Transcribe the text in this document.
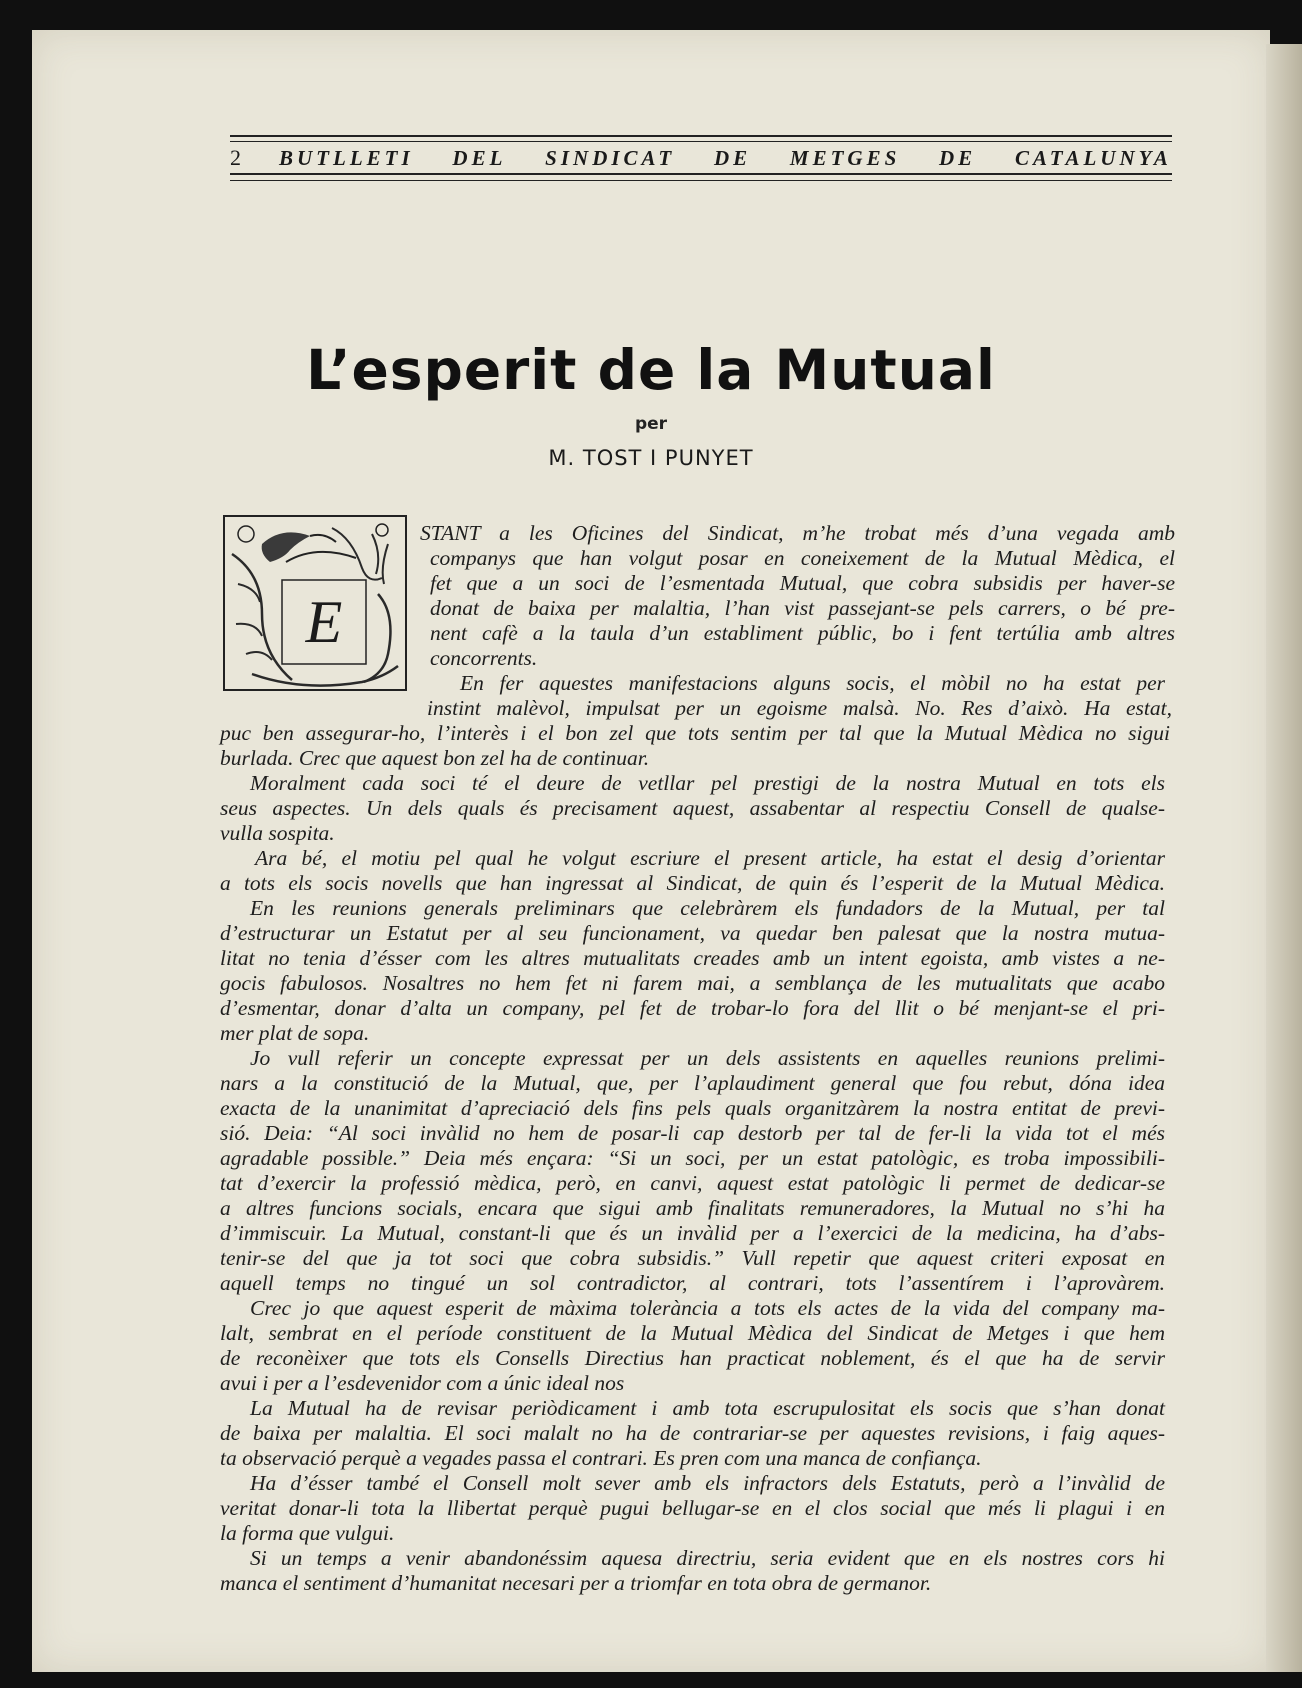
2 BUTLLETI DEL SINDICAT DE METGES DE CATALUNYA
L’esperit de la Mutual
per
M. TOST I PUNYET
E
STANT a les Oficines del Sindicat, m’he trobat més d’una vegada amb
companys que han volgut posar en coneixement de la Mutual Mèdica, el
fet que a un soci de l’esmentada Mutual, que cobra subsidis per haver-se
donat de baixa per malaltia, l’han vist passejant-se pels carrers, o bé pre-
nent cafè a la taula d’un establiment públic, bo i fent tertúlia amb altres
concorrents.
En fer aquestes manifestacions alguns socis, el mòbil no ha estat per
instint malèvol, impulsat per un egoisme malsà. No. Res d’això. Ha estat,
puc ben assegurar-ho, l’interès i el bon zel que tots sentim per tal que la Mutual Mèdica no sigui
burlada. Crec que aquest bon zel ha de continuar.
Moralment cada soci té el deure de vetllar pel prestigi de la nostra Mutual en tots els
seus aspectes. Un dels quals és precisament aquest, assabentar al respectiu Consell de qualse-
vulla sospita.
Ara bé, el motiu pel qual he volgut escriure el present article, ha estat el desig d’orientar
a tots els socis novells que han ingressat al Sindicat, de quin és l’esperit de la Mutual Mèdica.
En les reunions generals preliminars que celebràrem els fundadors de la Mutual, per tal
d’estructurar un Estatut per al seu funcionament, va quedar ben palesat que la nostra mutua-
litat no tenia d’ésser com les altres mutualitats creades amb un intent egoista, amb vistes a ne-
gocis fabulosos. Nosaltres no hem fet ni farem mai, a semblança de les mutualitats que acabo
d’esmentar, donar d’alta un company, pel fet de trobar-lo fora del llit o bé menjant-se el pri-
mer plat de sopa.
Jo vull referir un concepte expressat per un dels assistents en aquelles reunions prelimi-
nars a la constitució de la Mutual, que, per l’aplaudiment general que fou rebut, dóna idea
exacta de la unanimitat d’apreciació dels fins pels quals organitzàrem la nostra entitat de previ-
sió. Deia: “Al soci invàlid no hem de posar-li cap destorb per tal de fer-li la vida tot el més
agradable possible.” Deia més ençara: “Si un soci, per un estat patològic, es troba impossibili-
tat d’exercir la professió mèdica, però, en canvi, aquest estat patològic li permet de dedicar-se
a altres funcions socials, encara que sigui amb finalitats remuneradores, la Mutual no s’hi ha
d’immiscuir. La Mutual, constant-li que és un invàlid per a l’exercici de la medicina, ha d’abs-
tenir-se del que ja tot soci que cobra subsidis.” Vull repetir que aquest criteri exposat en
aquell temps no tingué un sol contradictor, al contrari, tots l’assentírem i l’aprovàrem.
Crec jo que aquest esperit de màxima tolerància a tots els actes de la vida del company ma-
lalt, sembrat en el període constituent de la Mutual Mèdica del Sindicat de Metges i que hem
de reconèixer que tots els Consells Directius han practicat noblement, és el que ha de servir
avui i per a l’esdevenidor com a únic ideal nos
La Mutual ha de revisar periòdicament i amb tota escrupulositat els socis que s’han donat
de baixa per malaltia. El soci malalt no ha de contrariar-se per aquestes revisions, i faig aques-
ta observació perquè a vegades passa el contrari. Es pren com una manca de confiança.
Ha d’ésser també el Consell molt sever amb els infractors dels Estatuts, però a l’invàlid de
veritat donar-li tota la llibertat perquè pugui bellugar-se en el clos social que més li plagui i en
la forma que vulgui.
Si un temps a venir abandonéssim aquesa directriu, seria evident que en els nostres cors hi
manca el sentiment d’humanitat necesari per a triomfar en tota obra de germanor.
